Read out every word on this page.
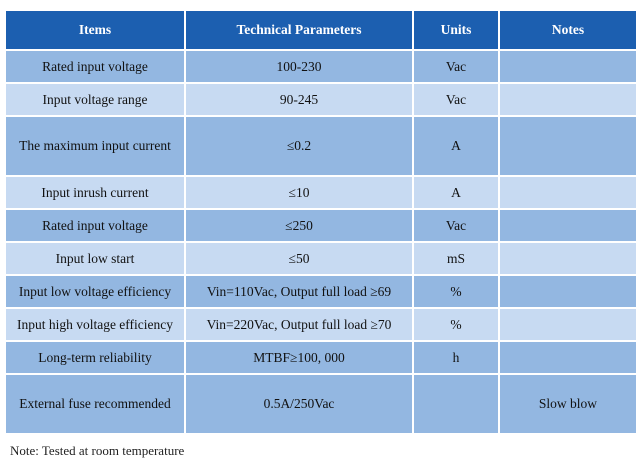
Items	Technical Parameters	Units	Notes
Rated input voltage	100-230	Vac	
Input voltage range	90-245	Vac	
The maximum input current	≤0.2	A	
Input inrush current	≤10	A	
Rated input voltage	≤250	Vac	
Input low start	≤50	mS	
Input low voltage efficiency	Vin=110Vac, Output full load ≥69	%	
Input high voltage efficiency	Vin=220Vac, Output full load ≥70	%	
Long-term reliability	MTBF≥100, 000	h	
External fuse recommended	0.5A/250Vac		Slow blow
Note: Tested at room temperature
